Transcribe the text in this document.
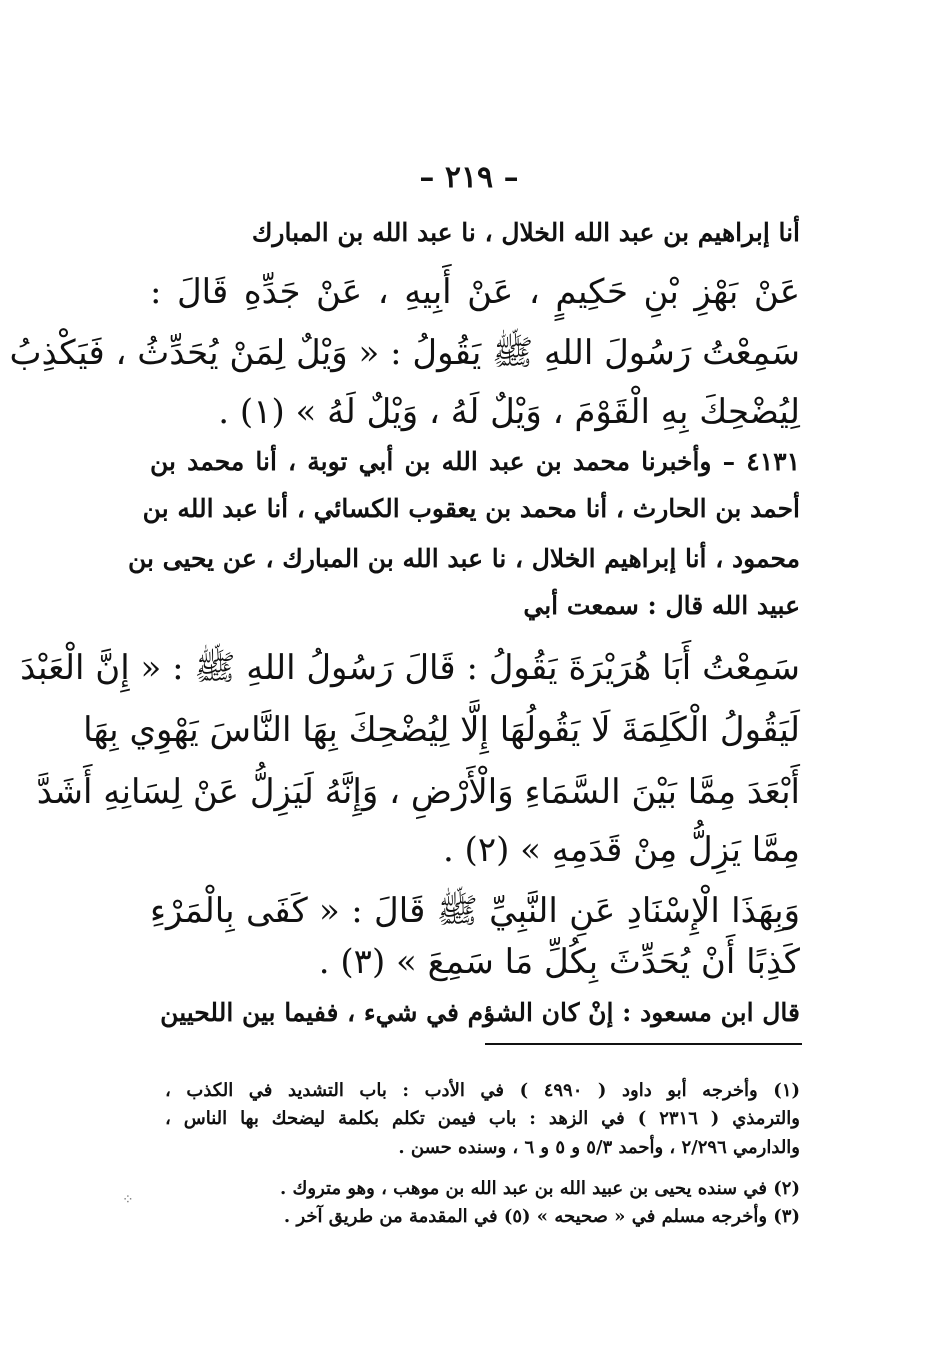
– ٢١٩ –
أنا إبراهيم بن عبد الله الخلال ، نا عبد الله بن المبارك
عَنْ بَهْزِ بْنِ حَكِيمٍ ، عَنْ أَبِيهِ ، عَنْ جَدِّهِ قَالَ :
سَمِعْتُ رَسُولَ اللهِ ﷺ يَقُولُ : « وَيْلٌ لِمَنْ يُحَدِّثُ ، فَيَكْذِبُ
لِيُضْحِكَ بِهِ الْقَوْمَ ، وَيْلٌ لَهُ ، وَيْلٌ لَهُ » (١) .
٤١٣١ – وأخبرنا محمد بن عبد الله بن أبي توبة ، أنا محمد بن
أحمد بن الحارث ، أنا محمد بن يعقوب الكسائي ، أنا عبد الله بن
محمود ، أنا إبراهيم الخلال ، نا عبد الله بن المبارك ، عن يحيى بن
عبيد الله قال : سمعت أبي
سَمِعْتُ أَبَا هُرَيْرَةَ يَقُولُ : قَالَ رَسُولُ اللهِ ﷺ : « إِنَّ الْعَبْدَ
لَيَقُولُ الْكَلِمَةَ لَا يَقُولُهَا إِلَّا لِيُضْحِكَ بِهَا النَّاسَ يَهْوِي بِهَا
أَبْعَدَ مِمَّا بَيْنَ السَّمَاءِ وَالْأَرْضِ ، وَإِنَّهُ لَيَزِلُّ عَنْ لِسَانِهِ أَشَدَّ
مِمَّا يَزِلُّ مِنْ قَدَمِهِ » (٢) .
وَبِهَذَا الْإِسْنَادِ عَنِ النَّبِيِّ ﷺ قَالَ : « كَفَى بِالْمَرْءِ
كَذِبًا أَنْ يُحَدِّثَ بِكُلِّ مَا سَمِعَ » (٣) .
قال ابن مسعود : إنْ كان الشؤم في شيء ، ففيما بين اللحيين
(١) وأخرجه أبو داود ( ٤٩٩٠ ) في الأدب : باب التشديد في الكذب ،
والترمذي ( ٢٣١٦ ) في الزهد : باب فيمن تكلم بكلمة ليضحك بها الناس ،
والدارمي ٢/٢٩٦ ، وأحمد ٥/٣ و ٥ و ٦ ، وسنده حسن .
(٢) في سنده يحيى بن عبيد الله بن عبد الله بن موهب ، وهو متروك .
(٣) وأخرجه مسلم في « صحيحه » (٥) في المقدمة من طريق آخر .
⁘
